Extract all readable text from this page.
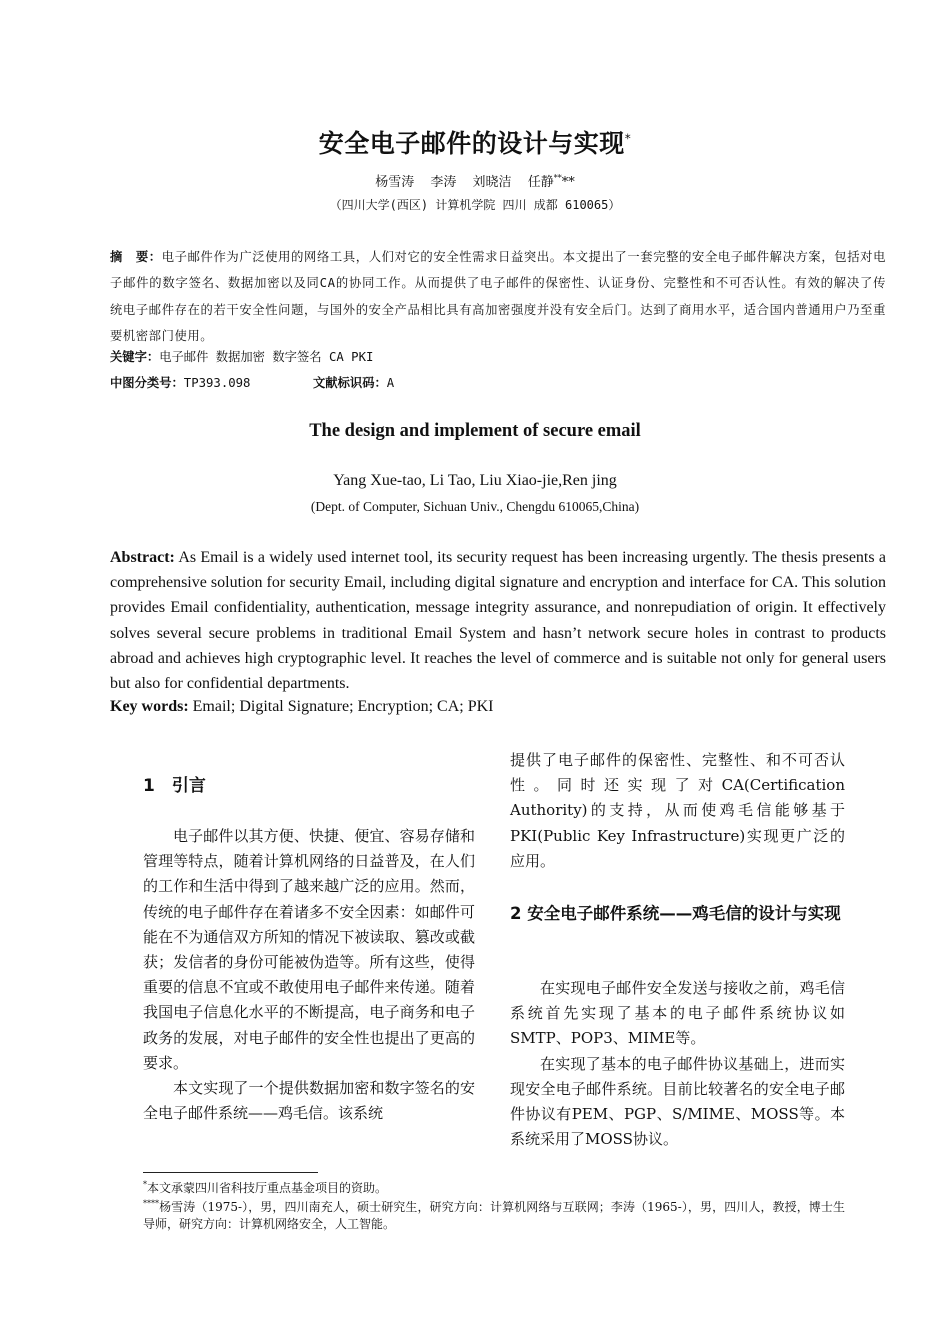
安全电子邮件的设计与实现*
杨雪涛 李涛 刘晓洁 任静****
（四川大学(西区) 计算机学院 四川 成都 610065）
摘　要：电子邮件作为广泛使用的网络工具，人们对它的安全性需求日益突出。本文提出了一套完整的安全电子邮件解决方案，包括对电子邮件的数字签名、数据加密以及同CA的协同工作。从而提供了电子邮件的保密性、认证身份、完整性和不可否认性。有效的解决了传统电子邮件存在的若干安全性问题，与国外的安全产品相比具有高加密强度并没有安全后门。达到了商用水平，适合国内普通用户乃至重要机密部门使用。
关键字：电子邮件 数据加密 数字签名 CA PKI
中图分类号：TP393.098	文献标识码：A
The design and implement of secure email
Yang Xue-tao, Li Tao, Liu Xiao-jie,Ren jing
(Dept. of Computer, Sichuan Univ., Chengdu 610065,China)
Abstract: As Email is a widely used internet tool, its security request has been increasing urgently. The thesis presents a comprehensive solution for security Email, including digital signature and encryption and interface for CA. This solution provides Email confidentiality, authentication, message integrity assurance, and nonrepudiation of origin. It effectively solves several secure problems in traditional Email System and hasn’t network secure holes in contrast to products abroad and achieves high cryptographic level. It reaches the level of commerce and is suitable not only for general users but also for confidential departments.
Key words: Email; Digital Signature; Encryption; CA; PKI
1　引言

电子邮件以其方便、快捷、便宜、容易存储和管理等特点，随着计算机网络的日益普及，在人们的工作和生活中得到了越来越广泛的应用。然而，传统的电子邮件存在着诸多不安全因素：如邮件可能在不为通信双方所知的情况下被读取、篡改或截获；发信者的身份可能被伪造等。所有这些，使得重要的信息不宜或不敢使用电子邮件来传递。随着我国电子信息化水平的不断提高，电子商务和电子政务的发展，对电子邮件的安全性也提出了更高的要求。

本文实现了一个提供数据加密和数字签名的安全电子邮件系统——鸡毛信。该系统

提供了电子邮件的保密性、完整性、和不可否认性。同时还实现了对CA(Certification Authority)的支持，从而使鸡毛信能够基于PKI(Public Key Infrastructure)实现更广泛的应用。

2 安全电子邮件系统——鸡毛信的设计与实现

在实现电子邮件安全发送与接收之前，鸡毛信系统首先实现了基本的电子邮件系统协议如SMTP、POP3、MIME等。

在实现了基本的电子邮件协议基础上，进而实现安全电子邮件系统。目前比较著名的安全电子邮件协议有PEM、PGP、S/MIME、MOSS等。本系统采用了MOSS协议。

*本文承蒙四川省科技厅重点基金项目的资助。
****杨雪涛（1975-），男，四川南充人，硕士研究生，研究方向：计算机网络与互联网；李涛（1965-），男，四川人，教授，博士生导师，研究方向：计算机网络安全，人工智能。
